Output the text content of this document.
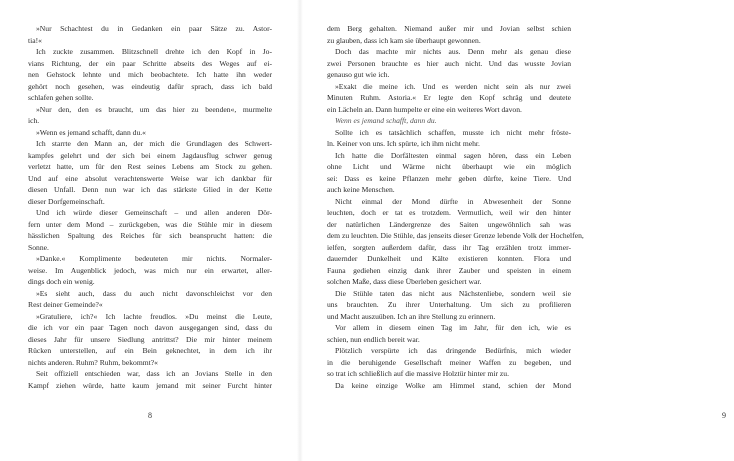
8	9
»Nur Schachtest du in Gedanken ein paar Sätze zu. Astor-
tia!«
Ich zuckte zusammen. Blitzschnell drehte ich den Kopf in Jo-
vians Richtung, der ein paar Schritte abseits des Weges auf ei-
nen Gehstock lehnte und mich beobachtete. Ich hatte ihn weder
gehört noch gesehen, was eindeutig dafür sprach, dass ich bald
schlafen gehen sollte.
»Nur den, den es braucht, um das hier zu beenden«, murmelte
ich.
»Wenn es jemand schafft, dann du.«
Ich starrte den Mann an, der mich die Grundlagen des Schwert-
kampfes gelehrt und der sich bei einem Jagdausflug schwer genug
verletzt hatte, um für den Rest seines Lebens am Stock zu gehen.
Und auf eine absolut verachtenswerte Weise war ich dankbar für
diesen Unfall. Denn nun war ich das stärkste Glied in der Kette
dieser Dorfgemeinschaft.
Und ich würde dieser Gemeinschaft – und allen anderen Dör-
fern unter dem Mond – zurückgeben, was die Stühle mir in diesem
hässlichen Spaltung des Reiches für sich beansprucht hatten: die
Sonne.
»Danke.« Komplimente bedeuteten mir nichts. Normaler-
weise. Im Augenblick jedoch, was mich nur ein erwartet, aller-
dings doch ein wenig.
»Es sieht auch, dass du auch nicht davonschleichst vor den
Rest deiner Gemeinde?«
»Gratuliere, ich?« Ich lachte freudlos. »Du meinst die Leute,
die ich vor ein paar Tagen noch davon ausgegangen sind, dass du
dieses Jahr für unsere Siedlung antrittst? Die mir hinter meinem
Rücken unterstellen, auf ein Bein geknechtet, in dem ich ihr
nichts anderen. Ruhm? Ruhm, bekommt?«
Seit offiziell entschieden war, dass ich an Jovians Stelle in den
Kampf ziehen würde, hatte kaum jemand mit seiner Furcht hinter
dem Berg gehalten. Niemand außer mir und Jovian selbst schien
zu glauben, dass ich kam sie überhaupt gewonnen.
Doch das machte mir nichts aus. Denn mehr als genau diese
zwei Personen brauchte es hier auch nicht. Und das wusste Jovian
genauso gut wie ich.
»Exakt die meine ich. Und es werden nicht sein als nur zwei
Minuten Ruhm. Astoria.« Er legte den Kopf schräg und deutete
ein Lächeln an. Dann humpelte er eine ein weiteres Wort davon.
Wenn es jemand schafft, dann du.
Sollte ich es tatsächlich schaffen, musste ich nicht mehr fröste-
ln. Keiner von uns. Ich spürte, ich ihm nicht mehr.
Ich hatte die Dorfältesten einmal sagen hören, dass ein Leben
ohne Licht und Wärme nicht überhaupt wie ein möglich
sei: Dass es keine Pflanzen mehr geben dürfte, keine Tiere. Und
auch keine Menschen.
Nicht einmal der Mond dürfte in Abwesenheit der Sonne
leuchten, doch er tat es trotzdem. Vermutlich, weil wir den hinter
der natürlichen Ländergrenze des Saiten ungewöhnlich sah was
dem zu leuchten. Die Stühle, das jenseits dieser Grenze lebende Volk der Hochelfen,
ielfen, sorgten außerdem dafür, dass ihr Tag erzählen trotz immer-
dauernder Dunkelheit und Kälte existieren konnten. Flora und
Fauna gediehen einzig dank ihrer Zauber und speisten in einem
solchen Maße, dass diese Überleben gesichert war.
Die Stühle taten das nicht aus Nächstenliebe, sondern weil sie
uns brauchten. Zu ihrer Unterhaltung. Um sich zu profilieren
und Macht auszuüben. Ich an ihre Stellung zu erinnern.
Vor allem in diesem einen Tag im Jahr, für den ich, wie es
schien, nun endlich bereit war.
Plötzlich verspürte ich das dringende Bedürfnis, mich wieder
in die beruhigende Gesellschaft meiner Waffen zu begeben, und
so trat ich schließlich auf die massive Holztür hinter mir zu.
Da keine einzige Wolke am Himmel stand, schien der Mond
